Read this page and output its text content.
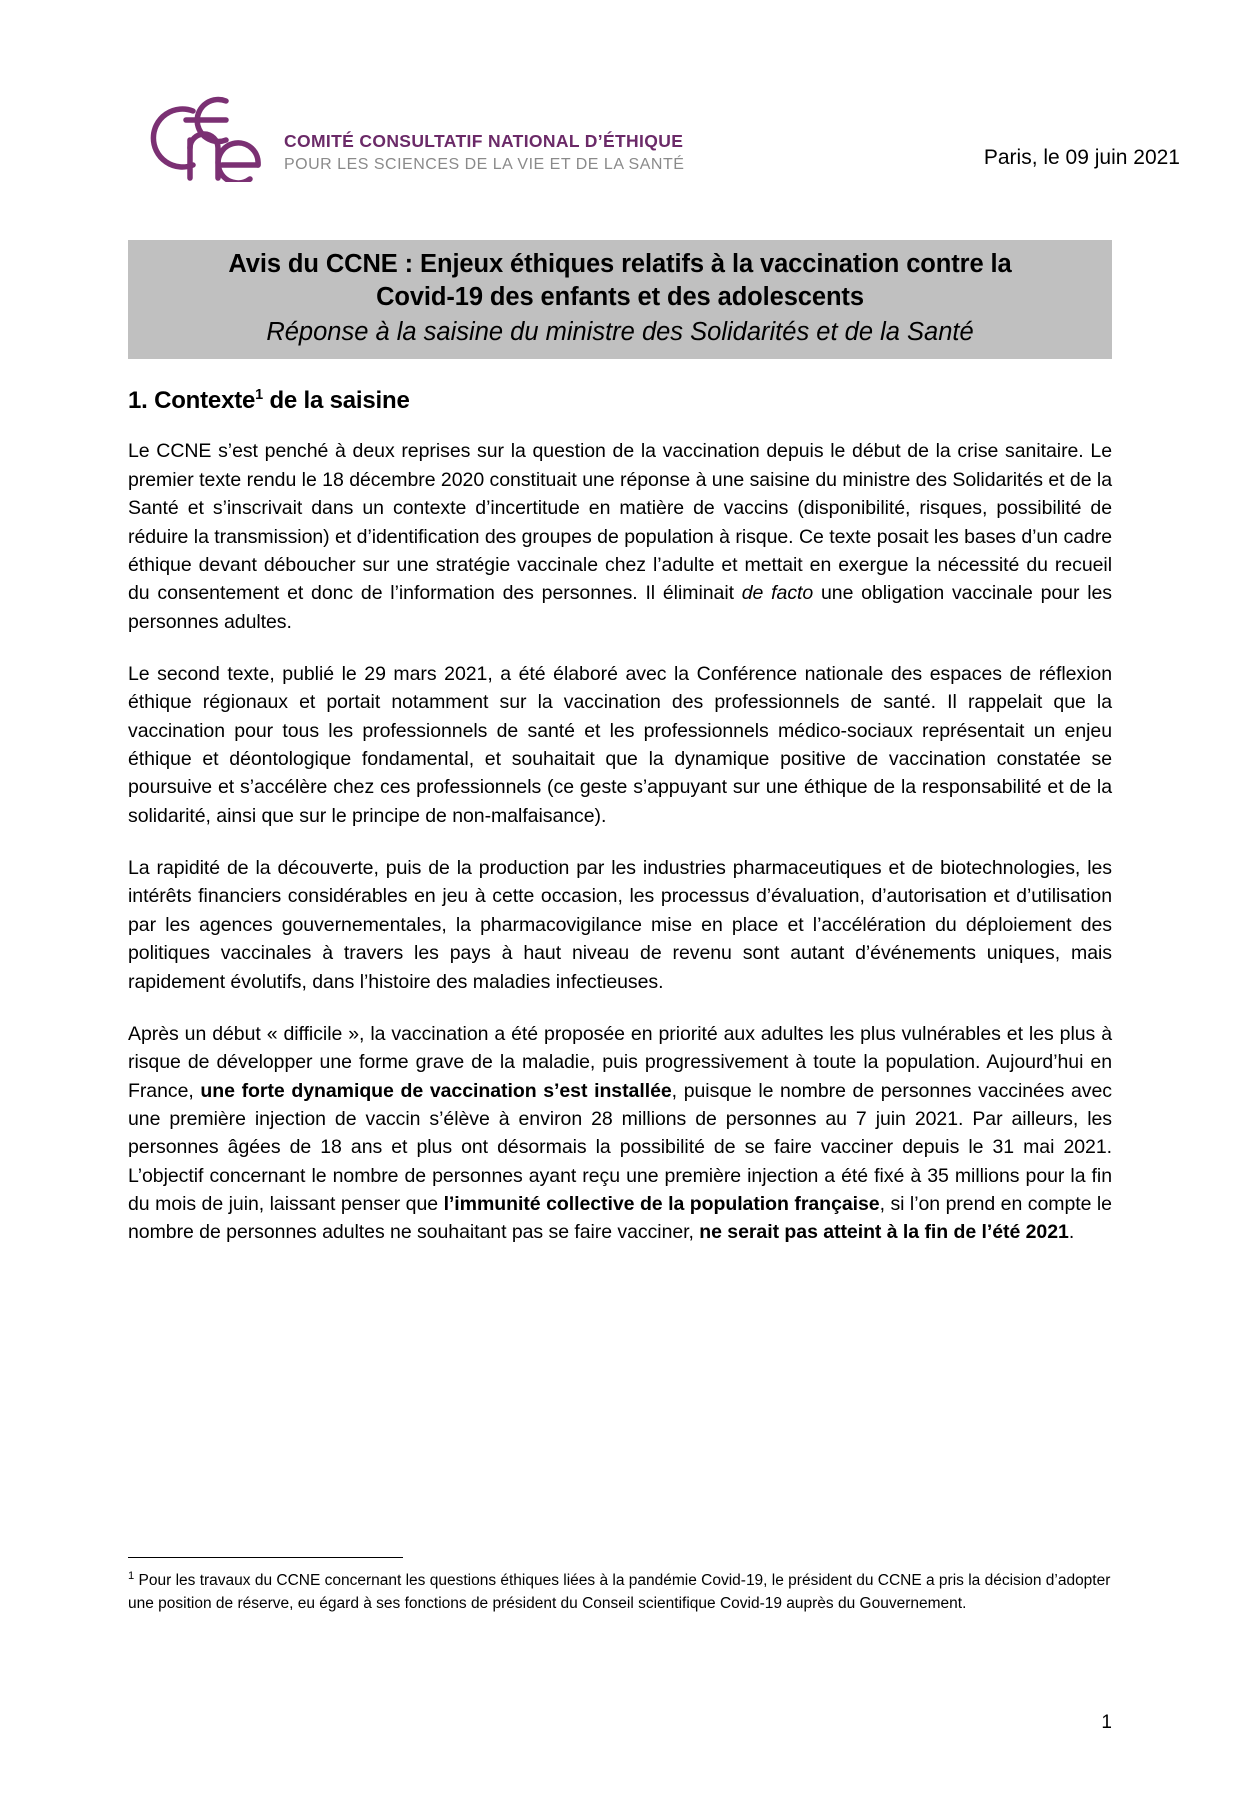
COMITÉ CONSULTATIF NATIONAL D’ÉTHIQUE
POUR LES SCIENCES DE LA VIE ET DE LA SANTÉ	Paris, le 09 juin 2021
Avis du CCNE : Enjeux éthiques relatifs à la vaccination contre la
Covid-19 des enfants et des adolescents
Réponse à la saisine du ministre des Solidarités et de la Santé
1. Contexte$^1$ de la saisine

Le CCNE s’est penché à deux reprises sur la question de la vaccination depuis le début de la crise sanitaire. Le premier texte rendu le 18 décembre 2020 constituait une réponse à une saisine du ministre des Solidarités et de la Santé et s’inscrivait dans un contexte d’incertitude en matière de vaccins (disponibilité, risques, possibilité de réduire la transmission) et d’identification des groupes de population à risque. Ce texte posait les bases d’un cadre éthique devant déboucher sur une stratégie vaccinale chez l’adulte et mettait en exergue la nécessité du recueil du consentement et donc de l’information des personnes. Il éliminait de facto une obligation vaccinale pour les personnes adultes.

Le second texte, publié le 29 mars 2021, a été élaboré avec la Conférence nationale des espaces de réflexion éthique régionaux et portait notamment sur la vaccination des professionnels de santé. Il rappelait que la vaccination pour tous les professionnels de santé et les professionnels médico-sociaux représentait un enjeu éthique et déontologique fondamental, et souhaitait que la dynamique positive de vaccination constatée se poursuive et s’accélère chez ces professionnels (ce geste s’appuyant sur une éthique de la responsabilité et de la solidarité, ainsi que sur le principe de non-malfaisance).

La rapidité de la découverte, puis de la production par les industries pharmaceutiques et de biotechnologies, les intérêts financiers considérables en jeu à cette occasion, les processus d’évaluation, d’autorisation et d’utilisation par les agences gouvernementales, la pharmacovigilance mise en place et l’accélération du déploiement des politiques vaccinales à travers les pays à haut niveau de revenu sont autant d’événements uniques, mais rapidement évolutifs, dans l’histoire des maladies infectieuses.

Après un début « difficile », la vaccination a été proposée en priorité aux adultes les plus vulnérables et les plus à risque de développer une forme grave de la maladie, puis progressivement à toute la population. Aujourd’hui en France, une forte dynamique de vaccination s’est installée, puisque le nombre de personnes vaccinées avec une première injection de vaccin s’élève à environ 28 millions de personnes au 7 juin 2021. Par ailleurs, les personnes âgées de 18 ans et plus ont désormais la possibilité de se faire vacciner depuis le 31 mai 2021. L’objectif concernant le nombre de personnes ayant reçu une première injection a été fixé à 35 millions pour la fin du mois de juin, laissant penser que l’immunité collective de la population française, si l’on prend en compte le nombre de personnes adultes ne souhaitant pas se faire vacciner, ne serait pas atteint à la fin de l’été 2021.

$^1$ Pour les travaux du CCNE concernant les questions éthiques liées à la pandémie Covid-19, le président du CCNE a pris la décision d’adopter une position de réserve, eu égard à ses fonctions de président du Conseil scientifique Covid-19 auprès du Gouvernement.

1
